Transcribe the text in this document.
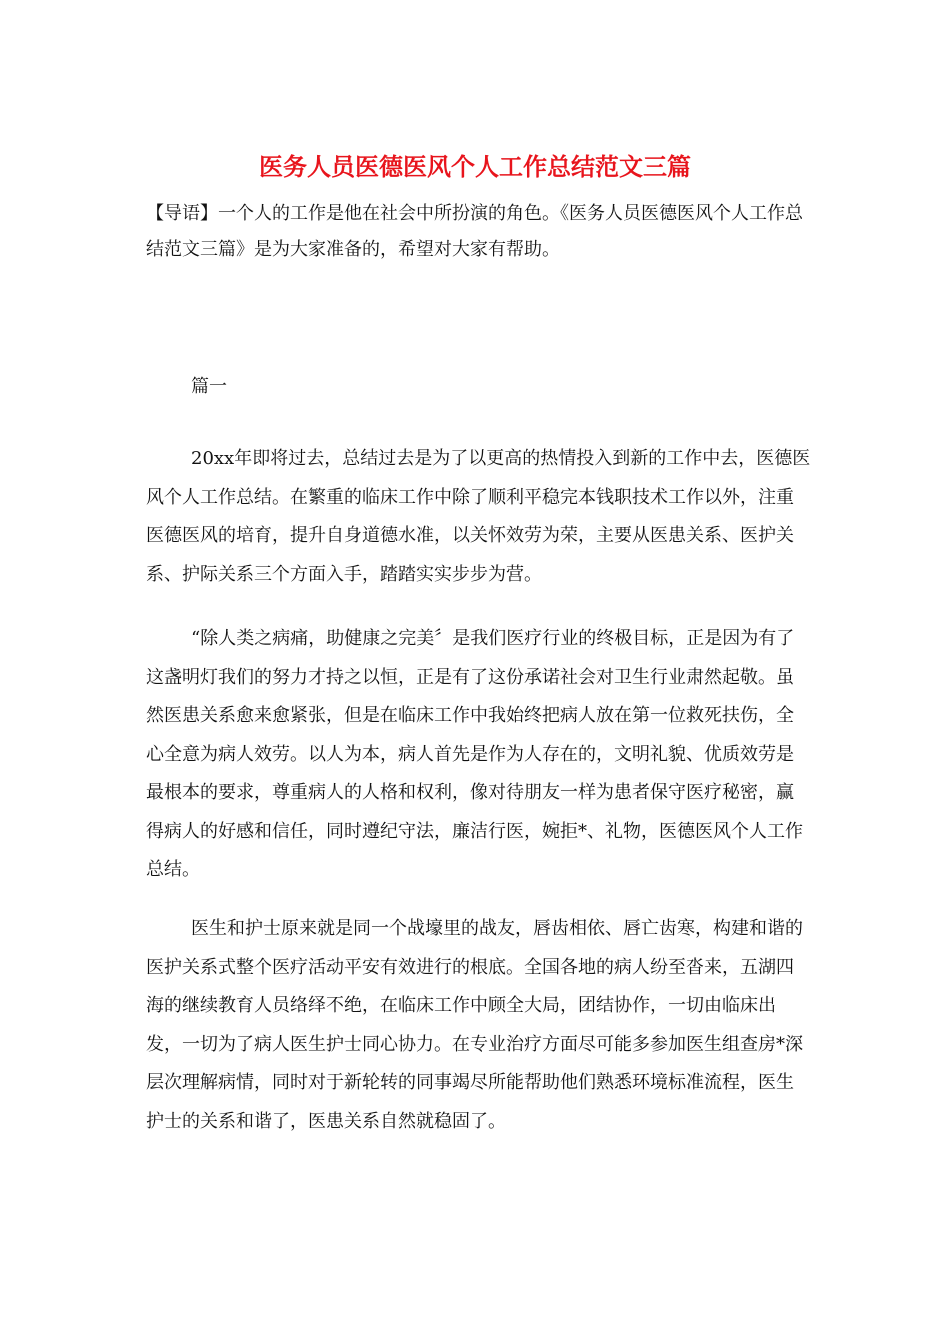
医务人员医德医风个人工作总结范文三篇

【导语】一个人的工作是他在社会中所扮演的角色。《医务人员医德医风个人工作总结范文三篇》是为大家准备的，希望对大家有帮助。

篇一

20xx年即将过去，总结过去是为了以更高的热情投入到新的工作中去，医德医风个人工作总结。在繁重的临床工作中除了顺利平稳完本钱职技术工作以外，注重医德医风的培育，提升自身道德水准，以关怀效劳为荣，主要从医患关系、医护关系、护际关系三个方面入手，踏踏实实步步为营。

“除人类之病痛，助健康之完美〞是我们医疗行业的终极目标，正是因为有了这盏明灯我们的努力才持之以恒，正是有了这份承诺社会对卫生行业肃然起敬。虽然医患关系愈来愈紧张，但是在临床工作中我始终把病人放在第一位救死扶伤，全心全意为病人效劳。以人为本，病人首先是作为人存在的，文明礼貌、优质效劳是最根本的要求，尊重病人的人格和权利，像对待朋友一样为患者保守医疗秘密，赢得病人的好感和信任，同时遵纪守法，廉洁行医，婉拒*、礼物，医德医风个人工作总结。

医生和护士原来就是同一个战壕里的战友，唇齿相依、唇亡齿寒，构建和谐的医护关系式整个医疗活动平安有效进行的根底。全国各地的病人纷至沓来，五湖四海的继续教育人员络绎不绝，在临床工作中顾全大局，团结协作，一切由临床出发，一切为了病人医生护士同心协力。在专业治疗方面尽可能多参加医生组查房*深层次理解病情，同时对于新轮转的同事竭尽所能帮助他们熟悉环境标准流程，医生护士的关系和谐了，医患关系自然就稳固了。
